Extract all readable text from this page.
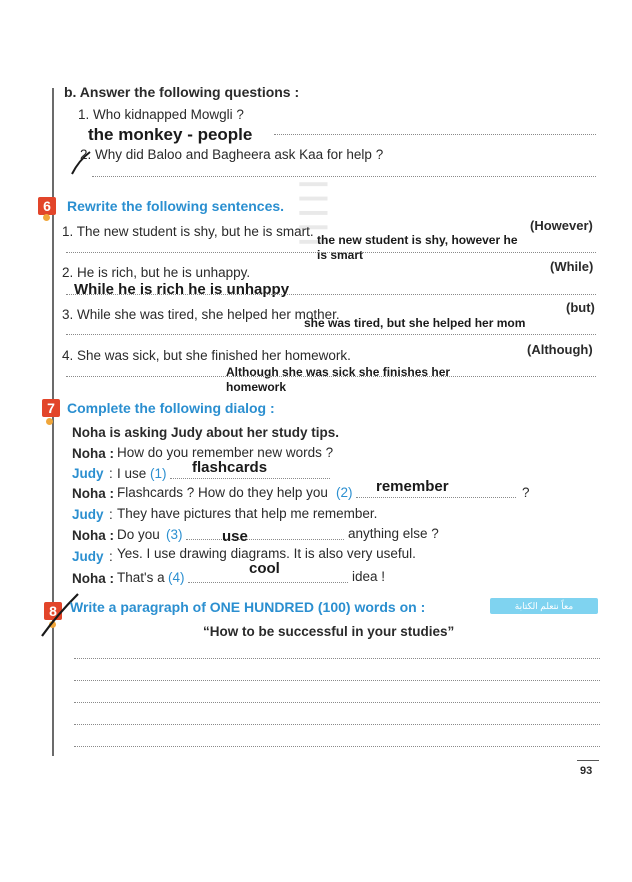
|||||
b. Answer the following questions :
1. Who kidnapped Mowgli ?
the monkey - people
2. Why did Baloo and Bagheera ask Kaa for help ?
6	Rewrite the following sentences.
1. The new student is shy, but he is smart.	(However)
the new student is shy, however he is smart
2. He is rich, but he is unhappy.	(While)
While he is rich he is unhappy
3. While she was tired, she helped her mother.	(but)
she was tired, but she helped her mom
4. She was sick, but she finished her homework.	(Although)
Although she was sick she finishes her homework
7 Complete the following dialog :
Noha is asking Judy about her study tips.
Noha : How do you remember new words ?
Judy : I use (1) flashcards
Noha : Flashcards ? How do they help you (2) remember	?
Judy : They have pictures that help me remember.
Noha : Do you (3)	use	anything else ?
Judy : Yes. I use drawing diagrams. It is also very useful.
Noha : That's a (4)
cool	idea !
8 Write a paragraph of ONE HUNDRED (100) words on :	معاً نتعلم الكتابة
“How to be successful in your studies”
93
